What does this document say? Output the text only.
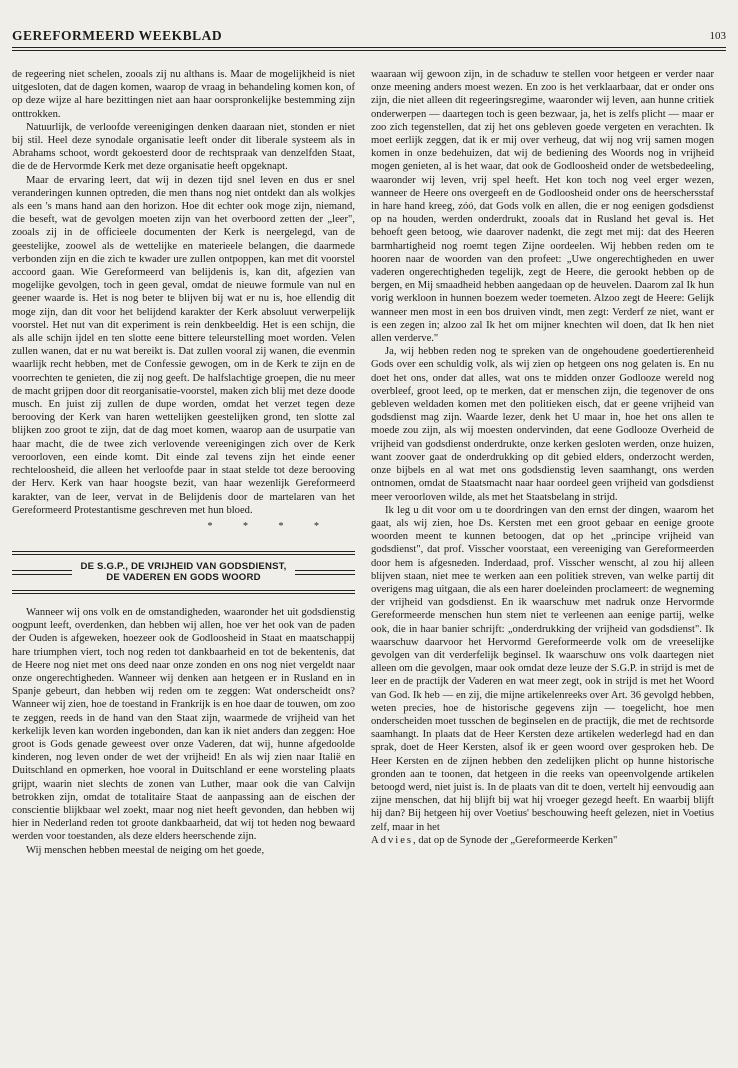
GEREFORMEERD WEEKBLAD	103

de regeering niet schelen, zooals zij nu althans is. Maar de mogelijkheid is niet uitgesloten, dat de dagen komen, waarop de vraag in behandeling komen kon, of op deze wijze al hare bezittingen niet aan haar oorspronkelijke bestemming zijn onttrokken.

Natuurlijk, de verloofde vereenigingen denken daaraan niet, stonden er niet bij stil. Heel deze synodale organisatie leeft onder dit liberale systeem als in Abrahams schoot, wordt gekoesterd door de rechtspraak van denzelfden Staat, die de de Hervormde Kerk met deze organisatie heeft opgeknapt.

Maar de ervaring leert, dat wij in dezen tijd snel leven en dus er snel veranderingen kunnen optreden, die men thans nog niet ontdekt dan als wolkjes als een 's mans hand aan den horizon. Hoe dit echter ook moge zijn, niemand, die beseft, wat de gevolgen moeten zijn van het overboord zetten der „leer", zooals zij in de officieele documenten der Kerk is neergelegd, van de geestelijke, zoowel als de wettelijke en materieele belangen, die daarmede verbonden zijn en die zich te kwader ure zullen ontpoppen, kan met dit voorstel accoord gaan. Wie Gereformeerd van belijdenis is, kan dit, afgezien van mogelijke gevolgen, toch in geen geval, omdat de nieuwe formule van nul en geener waarde is. Het is nog beter te blijven bij wat er nu is, hoe ellendig dit moge zijn, dan dit voor het belijdend karakter der Kerk absoluut verwerpelijk voorstel. Het nut van dit experiment is rein denkbeeldig. Het is een schijn, die als alle schijn ijdel en ten slotte eene bittere teleurstelling moet worden. Velen zullen wanen, dat er nu wat bereikt is. Dat zullen vooral zij wanen, die evenmin waarlijk recht hebben, met de Confessie gewogen, om in de Kerk te zijn en de voorrechten te genieten, die zij nog geeft. De halfslachtige groepen, die nu meer de macht grijpen door dit reorganisatie-voorstel, maken zich blij met deze doode musch. En juist zij zullen de dupe worden, omdat het verzet tegen deze berooving der Kerk van haren wettelijken geestelijken grond, ten slotte zal blijken zoo groot te zijn, dat de dag moet komen, waarop aan de usurpatie van haar macht, die de twee zich verlovende vereenigingen zich over de Kerk veroorloven, een einde komt. Dit einde zal tevens zijn het einde eener rechteloosheid, die alleen het verloofde paar in staat stelde tot deze berooving der Herv. Kerk van haar hoogste bezit, van haar wezenlijk Gereformeerd karakter, van de leer, vervat in de Belijdenis door de martelaren van het Gereformeerd Protestantisme geschreven met hun bloed.

* * * *
DE S.G.P., DE VRIJHEID VAN GODSDIENST,
DE VADEREN EN GODS WOORD

Wanneer wij ons volk en de omstandigheden, waaronder het uit godsdienstig oogpunt leeft, overdenken, dan hebben wij allen, hoe ver het ook van de paden der Ouden is afgeweken, hoezeer ook de Godloosheid in Staat en maatschappij hare triumphen viert, toch nog reden tot dankbaarheid en tot de bekentenis, dat de Heere nog niet met ons deed naar onze zonden en ons nog niet vergeldt naar onze ongerechtigheden. Wanneer wij denken aan hetgeen er in Rusland en in Spanje gebeurt, dan hebben wij reden om te zeggen: Wat onderscheidt ons? Wanneer wij zien, hoe de toestand in Frankrijk is en hoe daar de touwen, om zoo te zeggen, reeds in de hand van den Staat zijn, waarmede de vrijheid van het kerkelijk leven kan worden ingebonden, dan kan ik niet anders dan zeggen: Hoe groot is Gods genade geweest over onze Vaderen, dat wij, hunne afgedoolde kinderen, nog leven onder de wet der vrijheid! En als wij zien naar Italië en Duitschland en opmerken, hoe vooral in Duitschland er eene worsteling plaats grijpt, waarin niet slechts de zonen van Luther, maar ook die van Calvijn betrokken zijn, omdat de totalitaire Staat de aanpassing aan de eischen der conscientie blijkbaar wel zoekt, maar nog niet heeft gevonden, dan hebben wij hier in Nederland reden tot groote dankbaarheid, dat wij tot heden nog bewaard werden voor toestanden, als deze elders heerschende zijn.

Wij menschen hebben meestal de neiging om het goede,

waaraan wij gewoon zijn, in de schaduw te stellen voor hetgeen er verder naar onze meening anders moest wezen. En zoo is het verklaarbaar, dat er onder ons zijn, die niet alleen dit regeeringsregime, waaronder wij leven, aan hunne critiek onderwerpen — daartegen toch is geen bezwaar, ja, het is zelfs plicht — maar er zoo zich tegenstellen, dat zij het ons gebleven goede vergeten en verachten. Ik moet eerlijk zeggen, dat ik er mij over verheug, dat wij nog vrij samen mogen komen in onze bedehuizen, dat wij de bediening des Woords nog in vrijheid mogen genieten, al is het waar, dat ook de Godloosheid onder de wetsbedeeling, waaronder wij leven, vrij spel heeft. Het kon toch nog veel erger wezen, wanneer de Heere ons overgeeft en de Godloosheid onder ons de heerschersstaf in hare hand kreeg, zóó, dat Gods volk en allen, die er nog eenigen godsdienst op na houden, werden onderdrukt, zooals dat in Rusland het geval is. Het behoeft geen betoog, wie daarover nadenkt, die zegt met mij: dat des Heeren barmhartigheid nog roemt tegen Zijne oordeelen. Wij hebben reden om te hooren naar de woorden van den profeet: „Uwe ongerechtigheden en uwer vaderen ongerechtigheden tegelijk, zegt de Heere, die gerookt hebben op de bergen, en Mij smaadheid hebben aangedaan op de heuvelen. Daarom zal Ik hun vorig werkloon in hunnen boezem weder toemeten. Alzoo zegt de Heere: Gelijk wanneer men most in een bos druiven vindt, men zegt: Verderf ze niet, want er is een zegen in; alzoo zal Ik het om mijner knechten wil doen, dat Ik hen niet allen verderve."

Ja, wij hebben reden nog te spreken van de ongehoudene goedertierenheid Gods over een schuldig volk, als wij zien op hetgeen ons nog gelaten is. En nu doet het ons, onder dat alles, wat ons te midden onzer Godlooze wereld nog overbleef, groot leed, op te merken, dat er menschen zijn, die tegenover de ons gebleven weldaden komen met den politieken eisch, dat er geene vrijheid van godsdienst mag zijn. Waarde lezer, denk het U maar in, hoe het ons allen te moede zou zijn, als wij moesten ondervinden, dat eene Godlooze Overheid de vrijheid van godsdienst onderdrukte, onze kerken gesloten werden, onze huizen, want zoover gaat de onderdrukking op dit gebied elders, onderzocht werden, onze bijbels en al wat met ons godsdienstig leven saamhangt, ons werden ontnomen, omdat de Staatsmacht naar haar oordeel geen vrijheid van godsdienst meer veroorloven wilde, als met het Staatsbelang in strijd.

Ik leg u dit voor om u te doordringen van den ernst der dingen, waarom het gaat, als wij zien, hoe Ds. Kersten met een groot gebaar en eenige groote woorden meent te kunnen betoogen, dat op het „principe vrijheid van godsdienst", dat prof. Visscher voorstaat, een vereeniging van Gereformeerden door hem is afgesneden. Inderdaad, prof. Visscher wenscht, al zou hij alleen blijven staan, niet mee te werken aan een politiek streven, van welke partij dit overigens mag uitgaan, die als een harer doeleinden proclameert: de wegneming der vrijheid van godsdienst. En ik waarschuw met nadruk onze Hervormde Gereformeerde menschen hun stem niet te verleenen aan eenige partij, welke ook, die in haar banier schrijft: „onderdrukking der vrijheid van godsdienst". Ik waarschuw daarvoor het Hervormd Gereformeerde volk om de vreeselijke gevolgen van dit verderfelijk beginsel. Ik waarschuw ons volk daartegen niet alleen om die gevolgen, maar ook omdat deze leuze der S.G.P. in strijd is met de leer en de practijk der Vaderen en wat meer zegt, ook in strijd is met het Woord van God. Ik heb — en zij, die mijne artikelenreeks over Art. 36 gevolgd hebben, weten precies, hoe de historische gegevens zijn — toegelicht, hoe men onderscheiden moet tusschen de beginselen en de practijk, die met de rechtsorde saamhangt. In plaats dat de Heer Kersten deze artikelen wederlegd had en dan sprak, doet de Heer Kersten, alsof ik er geen woord over gesproken heb. De Heer Kersten en de zijnen hebben den zedelijken plicht op hunne historische gronden aan te toonen, dat hetgeen in die reeks van opeenvolgende artikelen betoogd werd, niet juist is. In de plaats van dit te doen, vertelt hij eenvoudig aan zijne menschen, dat hij blijft bij wat hij vroeger gezegd heeft. En waarbij blijft hij dan? Bij hetgeen hij over Voetius' beschouwing heeft gelezen, niet in Voetius zelf, maar in het

Advies, dat op de Synode der „Gereformeerde Kerken"
